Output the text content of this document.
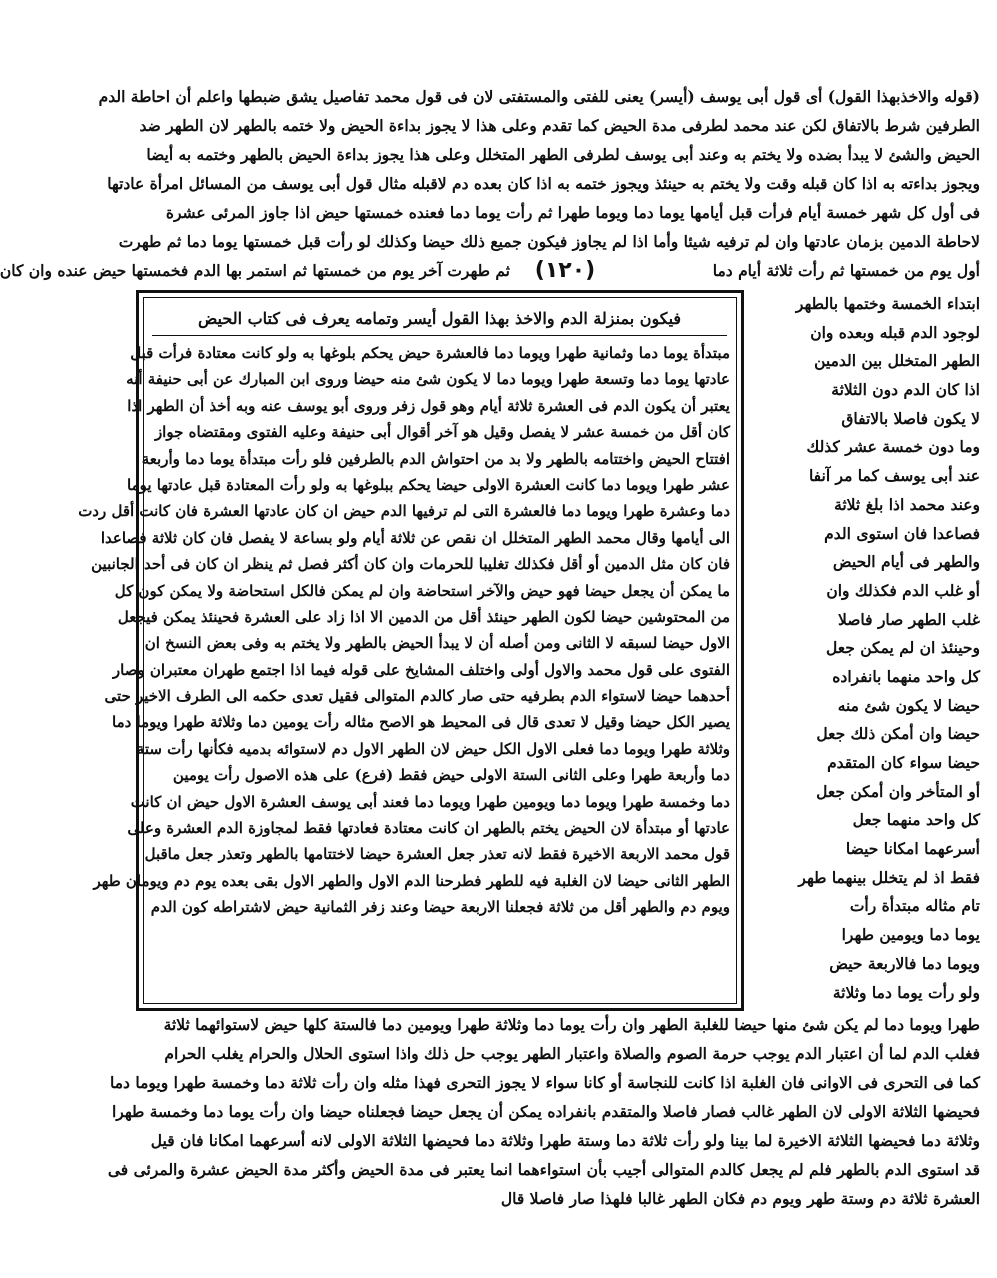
(قوله والاخذبهذا القول) أى قول أبى يوسف (أيسر) يعنى للفتى والمستفتى لان فى قول محمد تفاصيل يشق ضبطها واعلم أن احاطة الدم
الطرفين شرط بالاتفاق لكن عند محمد لطرفى مدة الحيض كما تقدم وعلى هذا لا يجوز بداءة الحيض ولا ختمه بالطهر لان الطهر ضد
الحيض والشئ لا يبدأ بضده ولا يختم به وعند أبى يوسف لطرفى الطهر المتخلل وعلى هذا يجوز بداءة الحيض بالطهر وختمه به أيضا
ويجوز بداءته به اذا كان قبله وقت ولا يختم به حينئذ ويجوز ختمه به اذا كان بعده دم لاقبله مثال قول أبى يوسف من المسائل امرأة عادتها
فى أول كل شهر خمسة أيام فرأت قبل أيامها يوما دما ويوما طهرا ثم رأت يوما دما فعنده خمستها حيض اذا جاوز المرئى عشرة
لاحاطة الدمين بزمان عادتها وان لم ترفيه شيئا وأما اذا لم يجاوز فيكون جميع ذلك حيضا وكذلك لو رأت قبل خمستها يوما دما ثم طهرت
أول يوم من خمستها ثم رأت ثلاثة أيام دما
(١٢٠)
ثم طهرت آخر يوم من خمستها ثم استمر بها الدم فخمستها حيض عنده وان كان
فيكون بمنزلة الدم والاخذ بهذا القول أيسر وتمامه يعرف فى كتاب الحيض
مبتدأة يوما دما وثمانية طهرا ويوما دما فالعشرة حيض يحكم بلوغها به ولو كانت معتادة فرأت قبل
عادتها يوما دما وتسعة طهرا ويوما دما لا يكون شئ منه حيضا وروى ابن المبارك عن أبى حنيفة أنه
يعتبر أن يكون الدم فى العشرة ثلاثة أيام وهو قول زفر وروى أبو يوسف عنه وبه أخذ أن الطهر اذا
كان أقل من خمسة عشر لا يفصل وقيل هو آخر أقوال أبى حنيفة وعليه الفتوى ومقتضاه جواز
افتتاح الحيض واختتامه بالطهر ولا بد من احتواش الدم بالطرفين فلو رأت مبتدأة يوما دما وأربعة
عشر طهرا ويوما دما كانت العشرة الاولى حيضا يحكم ببلوغها به ولو رأت المعتادة قبل عادتها يوما
دما وعشرة طهرا ويوما دما فالعشرة التى لم ترفيها الدم حيض ان كان عادتها العشرة فان كانت أقل ردت
الى أيامها وقال محمد الطهر المتخلل ان نقص عن ثلاثة أيام ولو بساعة لا يفصل فان كان ثلاثة فصاعدا
فان كان مثل الدمين أو أقل فكذلك تغليبا للحرمات وان كان أكثر فصل ثم ينظر ان كان فى أحد الجانبين
ما يمكن أن يجعل حيضا فهو حيض والآخر استحاضة وان لم يمكن فالكل استحاضة ولا يمكن كون كل
من المحتوشين حيضا لكون الطهر حينئذ أقل من الدمين الا اذا زاد على العشرة فحينئذ يمكن فيجعل
الاول حيضا لسبقه لا الثانى ومن أصله أن لا يبدأ الحيض بالطهر ولا يختم به وفى بعض النسخ ان
الفتوى على قول محمد والاول أولى واختلف المشايخ على قوله فيما اذا اجتمع طهران معتبران وصار
أحدهما حيضا لاستواء الدم بطرفيه حتى صار كالدم المتوالى فقيل تعدى حكمه الى الطرف الاخير حتى
يصير الكل حيضا وقيل لا تعدى قال فى المحيط هو الاصح مثاله رأت يومين دما وثلاثة طهرا ويوما دما
وثلاثة طهرا ويوما دما فعلى الاول الكل حيض لان الطهر الاول دم لاستوائه بدميه فكأنها رأت ستة
دما وأربعة طهرا وعلى الثانى الستة الاولى حيض فقط (فرع) على هذه الاصول رأت يومين
دما وخمسة طهرا ويوما دما ويومين طهرا ويوما دما فعند أبى يوسف العشرة الاول حيض ان كانت
عادتها أو مبتدأة لان الحيض يختم بالطهر ان كانت معتادة فعادتها فقط لمجاوزة الدم العشرة وعلى
قول محمد الاربعة الاخيرة فقط لانه تعذر جعل العشرة حيضا لاختتامها بالطهر وتعذر جعل ماقبل
الطهر الثانى حيضا لان الغلبة فيه للطهر فطرحنا الدم الاول والطهر الاول بقى بعده يوم دم ويومان طهر
ويوم دم والطهر أقل من ثلاثة فجعلنا الاربعة حيضا وعند زفر الثمانية حيض لاشتراطه كون الدم
ابتداء الخمسة وختمها بالطهر
لوجود الدم قبله وبعده وان
الطهر المتخلل بين الدمين
اذا كان الدم دون الثلاثة
لا يكون فاصلا بالاتفاق
وما دون خمسة عشر كذلك
عند أبى يوسف كما مر آنفا
وعند محمد اذا بلغ ثلاثة
فصاعدا فان استوى الدم
والطهر فى أيام الحيض
أو غلب الدم فكذلك وان
غلب الطهر صار فاصلا
وحينئذ ان لم يمكن جعل
كل واحد منهما بانفراده
حيضا لا يكون شئ منه
حيضا وان أمكن ذلك جعل
حيضا سواء كان المتقدم
أو المتأخر وان أمكن جعل
كل واحد منهما جعل
أسرعهما امكانا حيضا
فقط اذ لم يتخلل بينهما طهر
تام مثاله مبتدأة رأت
يوما دما ويومين طهرا
ويوما دما فالاربعة حيض
ولو رأت يوما دما وثلاثة
طهرا ويوما دما لم يكن شئ منها حيضا للغلبة الطهر وان رأت يوما دما وثلاثة طهرا ويومين دما فالستة كلها حيض لاستوائهما ثلاثة
فغلب الدم لما أن اعتبار الدم يوجب حرمة الصوم والصلاة واعتبار الطهر يوجب حل ذلك واذا استوى الحلال والحرام يغلب الحرام
كما فى التحرى فى الاوانى فان الغلبة اذا كانت للنجاسة أو كانا سواء لا يجوز التحرى فهذا مثله وان رأت ثلاثة دما وخمسة طهرا ويوما دما
فحيضها الثلاثة الاولى لان الطهر غالب فصار فاصلا والمتقدم بانفراده يمكن أن يجعل حيضا فجعلناه حيضا وان رأت يوما دما وخمسة طهرا
وثلاثة دما فحيضها الثلاثة الاخيرة لما بينا ولو رأت ثلاثة دما وستة طهرا وثلاثة دما فحيضها الثلاثة الاولى لانه أسرعهما امكانا فان قيل
قد استوى الدم بالطهر فلم لم يجعل كالدم المتوالى أجيب بأن استواءهما انما يعتبر فى مدة الحيض وأكثر مدة الحيض عشرة والمرئى فى
العشرة ثلاثة دم وستة طهر ويوم دم فكان الطهر غالبا فلهذا صار فاصلا قال
